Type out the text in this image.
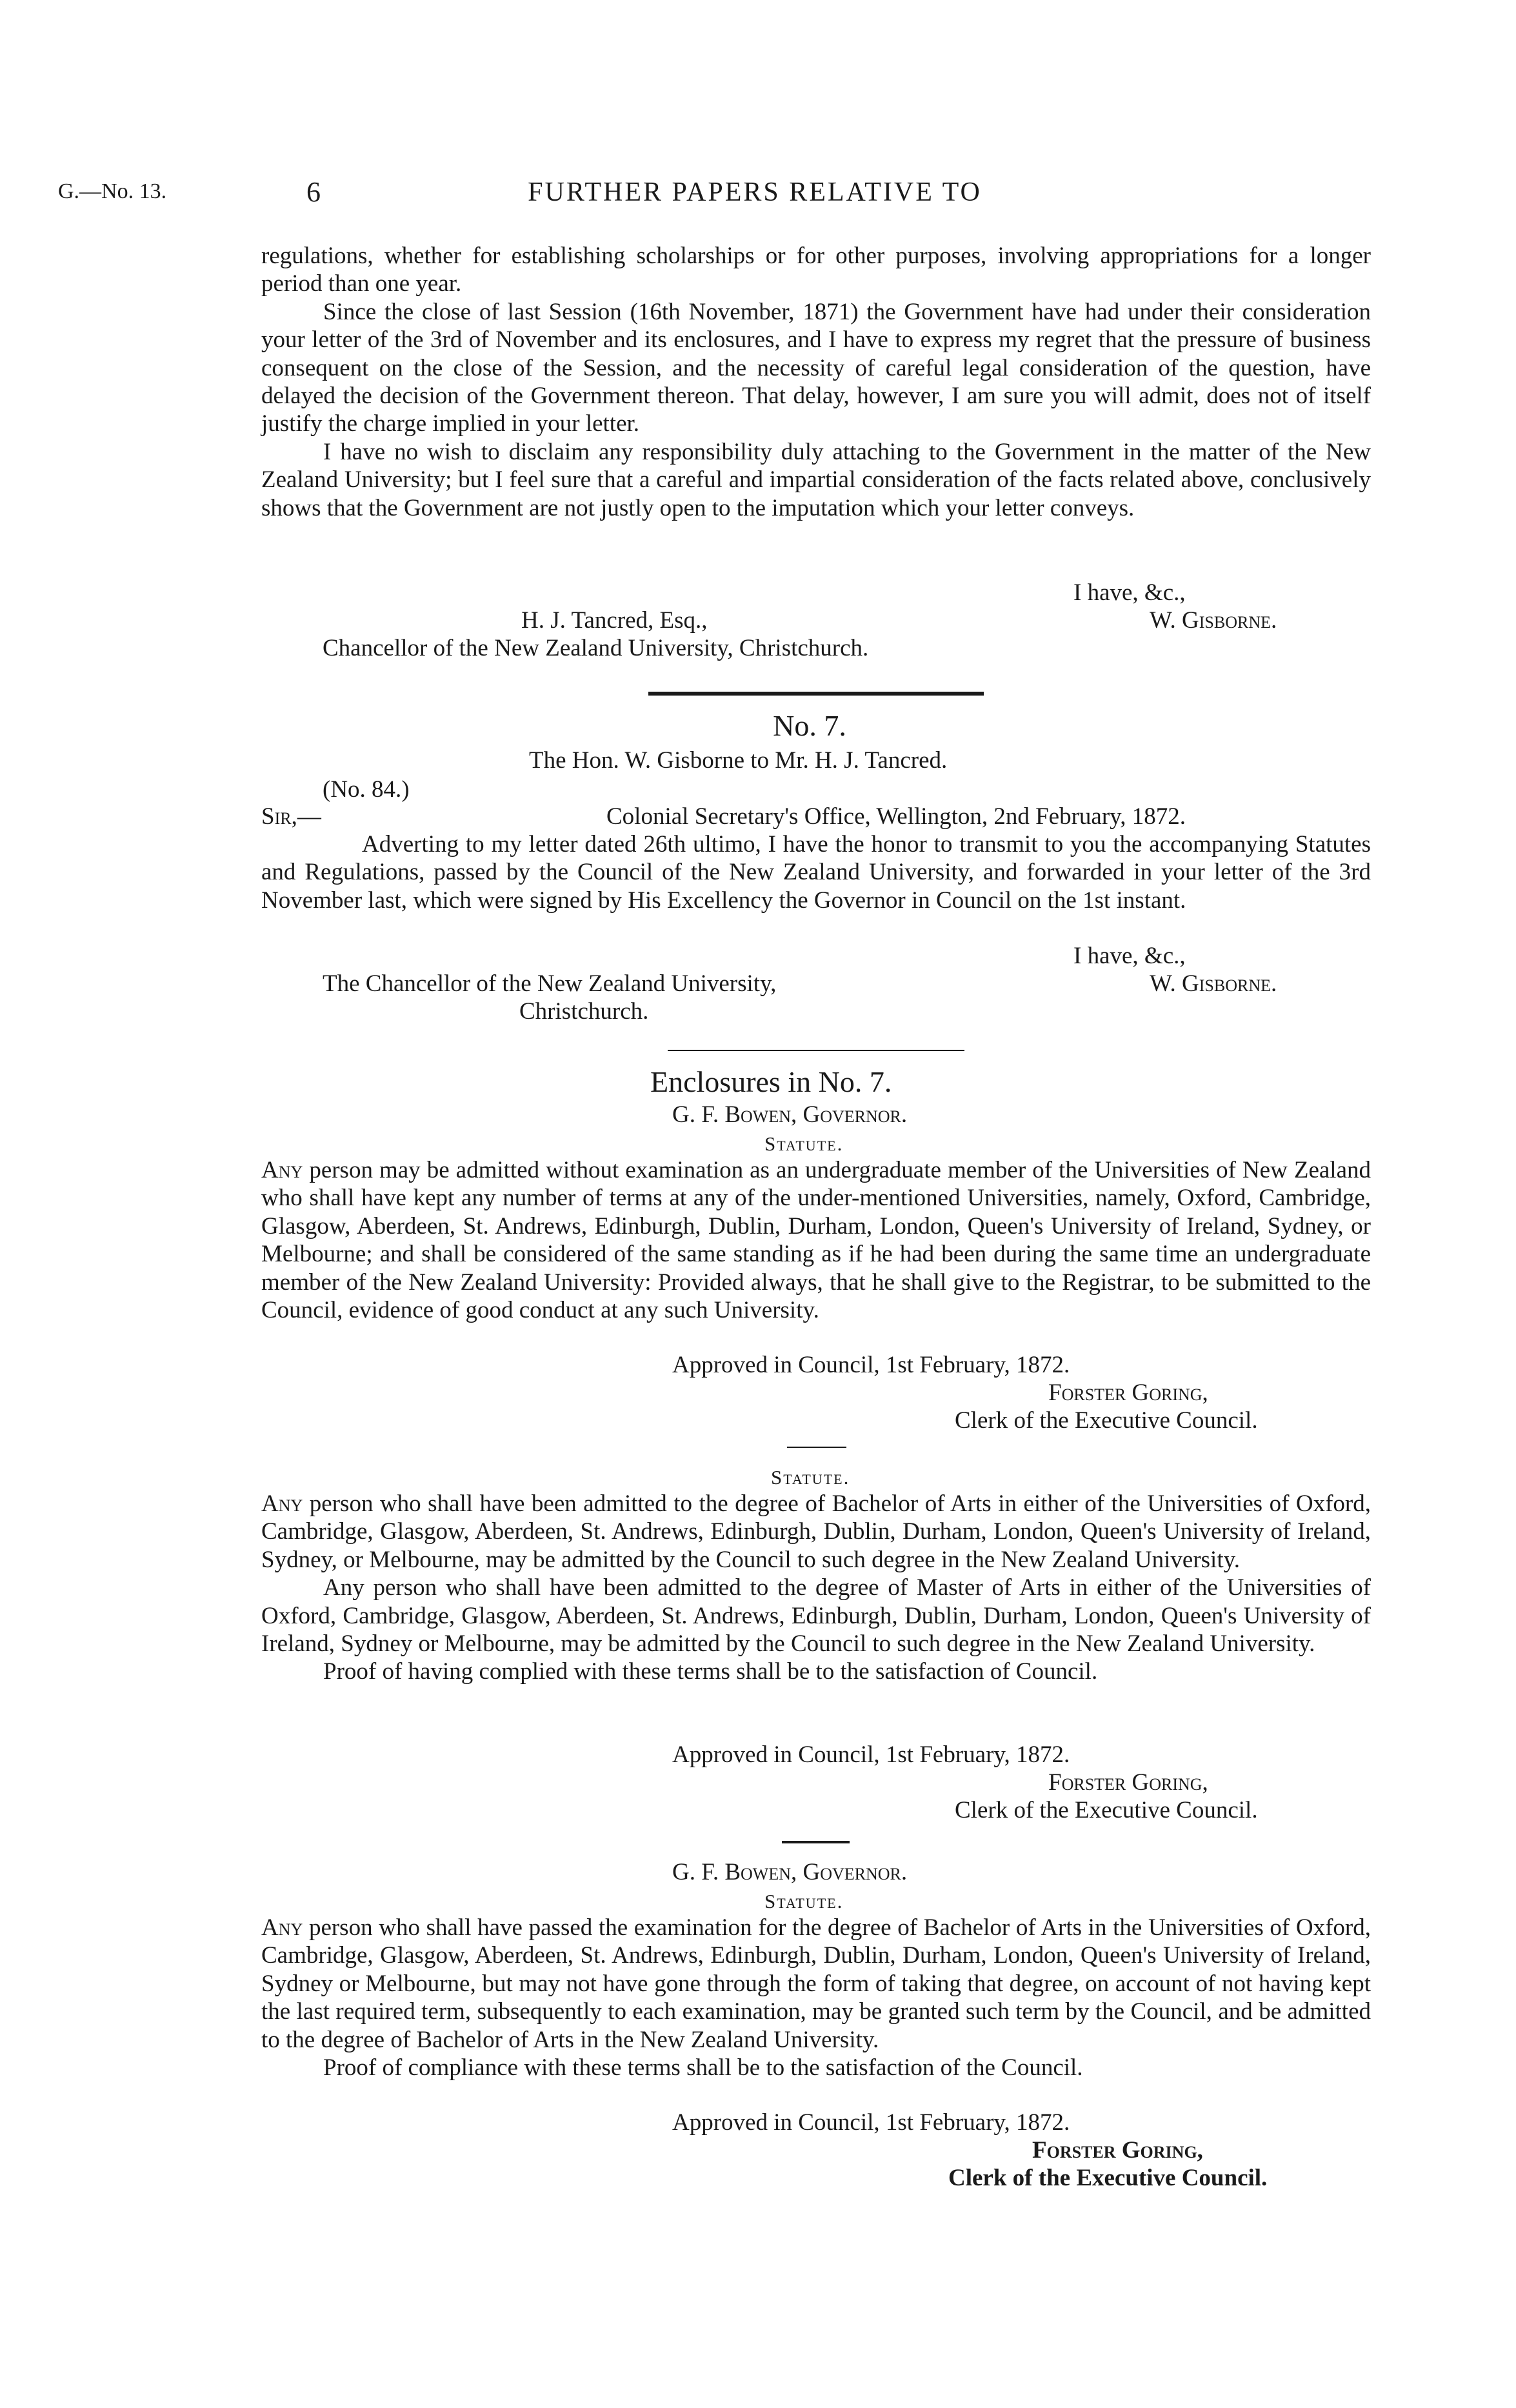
G.—No. 13.	6	FURTHER PAPERS RELATIVE TO

regulations, whether for establishing scholarships or for other purposes, involving appropriations for a longer period than one year.

Since the close of last Session (16th November, 1871) the Government have had under their consideration your letter of the 3rd of November and its enclosures, and I have to express my regret that the pressure of business consequent on the close of the Session, and the necessity of careful legal consideration of the question, have delayed the decision of the Government thereon. That delay, however, I am sure you will admit, does not of itself justify the charge implied in your letter.

I have no wish to disclaim any responsibility duly attaching to the Government in the matter of the New Zealand University; but I feel sure that a careful and impartial consideration of the facts related above, conclusively shows that the Government are not justly open to the imputation which your letter conveys.

I have, &c.,
W. Gisborne.
H. J. Tancred, Esq.,
Chancellor of the New Zealand University, Christchurch.
No. 7.
The Hon. W. Gisborne to Mr. H. J. Tancred.
(No. 84.)
Sir,—	Colonial Secretary's Office, Wellington, 2nd February, 1872.

Adverting to my letter dated 26th ultimo, I have the honor to transmit to you the accompanying Statutes and Regulations, passed by the Council of the New Zealand University, and forwarded in your letter of the 3rd November last, which were signed by His Excellency the Governor in Council on the 1st instant.

I have, &c.,
W. Gisborne.
The Chancellor of the New Zealand University,
Christchurch.
Enclosures in No. 7.
G. F. Bowen, Governor.
Statute.

Any person may be admitted without examination as an undergraduate member of the Universities of New Zealand who shall have kept any number of terms at any of the under-mentioned Universities, namely, Oxford, Cambridge, Glasgow, Aberdeen, St. Andrews, Edinburgh, Dublin, Durham, London, Queen's University of Ireland, Sydney, or Melbourne; and shall be considered of the same standing as if he had been during the same time an undergraduate member of the New Zealand University: Provided always, that he shall give to the Registrar, to be submitted to the Council, evidence of good conduct at any such University.

Approved in Council, 1st February, 1872.
Forster Goring,
Clerk of the Executive Council.
Statute.

Any person who shall have been admitted to the degree of Bachelor of Arts in either of the Universities of Oxford, Cambridge, Glasgow, Aberdeen, St. Andrews, Edinburgh, Dublin, Durham, London, Queen's University of Ireland, Sydney, or Melbourne, may be admitted by the Council to such degree in the New Zealand University.

Any person who shall have been admitted to the degree of Master of Arts in either of the Universities of Oxford, Cambridge, Glasgow, Aberdeen, St. Andrews, Edinburgh, Dublin, Durham, London, Queen's University of Ireland, Sydney or Melbourne, may be admitted by the Council to such degree in the New Zealand University.

Proof of having complied with these terms shall be to the satisfaction of Council.

Approved in Council, 1st February, 1872.
Forster Goring,
Clerk of the Executive Council.
G. F. Bowen, Governor.
Statute.

Any person who shall have passed the examination for the degree of Bachelor of Arts in the Universities of Oxford, Cambridge, Glasgow, Aberdeen, St. Andrews, Edinburgh, Dublin, Durham, London, Queen's University of Ireland, Sydney or Melbourne, but may not have gone through the form of taking that degree, on account of not having kept the last required term, subsequently to each examination, may be granted such term by the Council, and be admitted to the degree of Bachelor of Arts in the New Zealand University.

Proof of compliance with these terms shall be to the satisfaction of the Council.

Approved in Council, 1st February, 1872.
Forster Goring,
Clerk of the Executive Council.
